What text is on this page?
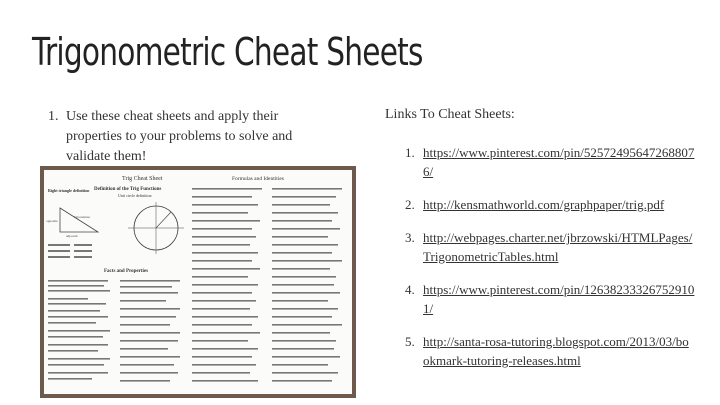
Trigonometric Cheat Sheets
1. Use these cheat sheets and apply their properties to your problems to solve and validate them!
Trig Cheat Sheet	Formulas and Identities
Definition of the Trig Functions
Right triangle definition
Unit circle definition
hypotenuse
adjacent
opposite
Facts and Properties
Links To Cheat Sheets:
1. https://www.pinterest.com/pin/525724956472688076/
2. http://kensmathworld.com/graphpaper/trig.pdf
3. http://webpages.charter.net/jbrzowski/HTMLPages/TrigonometricTables.html
4. https://www.pinterest.com/pin/126382333267529101/
5. http://santa-rosa-tutoring.blogspot.com/2013/03/bookmark-tutoring-releases.html
